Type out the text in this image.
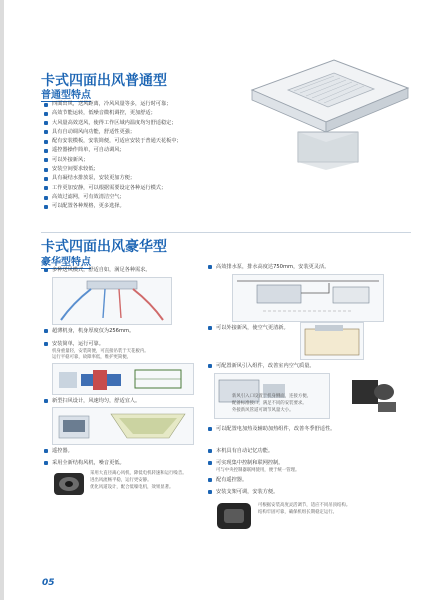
卡式四面出风普通型
普通型特点
四面出风，送风距离，冷风风量等多，运行时可靠；
高效节能运转，低噪音微机调控，更加舒适；
大风量高效送风，使得工作区域内温度均匀舒适稳定；
具有自动调风向功能，舒适性更强；
配有安装模板，安装简便，可适应安装于普通天花板中；
遥控器操作简单，可自动调风；
可以外接新风；
安装空间要求较低；
具有凝结水排放泵，安装更加方便；
工作更加安静，可以根据需要设定各种运行模式；
高效过滤网，可有效清洁空气；
可以配置各种规格，更多选择。
卡式四面出风豪华型
豪华型特点
多种送风模式，舒适自如，满足各种需求。
超薄机身，机身厚度仅为256mm。
安装简单，运行可靠。
机身重量轻，安装简便，可直接吊装于天花板内。
运行平稳可靠，故障率低，维护更简便。
新型扫风设计，风速均匀，舒适宜人。
遥控器。
采用全新结构风机，噪音更低。
采用大直径离心风机，降低电机转速和运行噪音。
进出风流畅平稳，运行更安静。
优化风道设计，配合低噪电机，效果显著。
高效排水泵，排水高度达750mm，安装更灵活。
可以外接新风，使空气更清新。
可配置新风引入组件，改善室内空气质量。
新风引入口设置于机身侧面，连接方便。
配备标准接口，满足不同的安装要求。
外接新风管道可调节风量大小。
可以配置电加热及辅助加热组件，改善冬季舒适性。
本机具有自动记忆功能。
可实现集中控制和联网控制。
可与中央控制器联网使用，便于统一管理。
配有遥控器。
安装支架可调，安装方便。
可根据安装高度灵活调节，适应不同吊顶结构。
结构牢固可靠，确保机组长期稳定运行。
05
